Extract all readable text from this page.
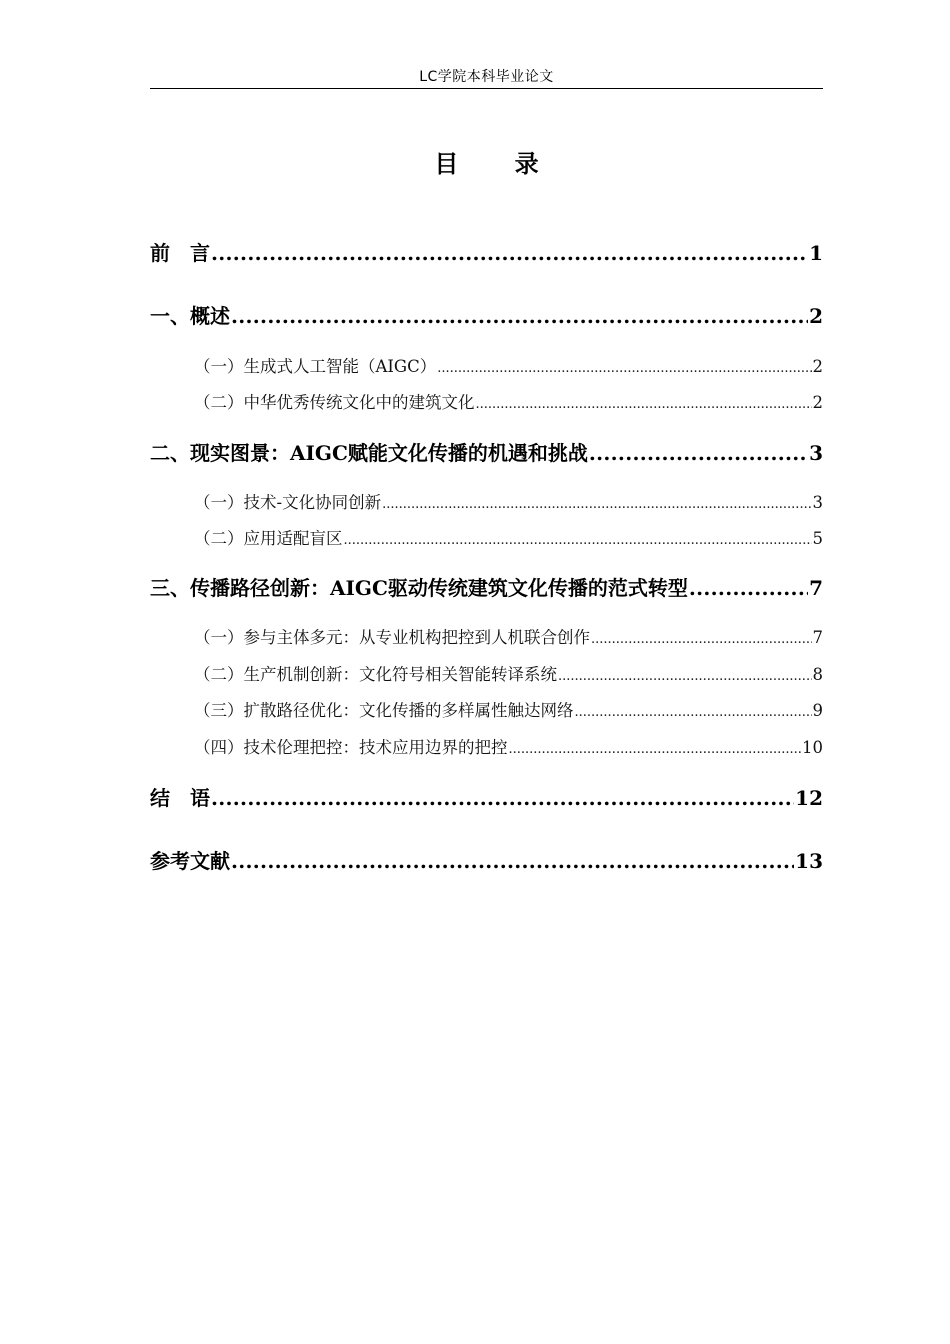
LC学院本科毕业论文
目 录
前　言 .....	1
一、概述 .....	2
（一）生成式人工智能（AIGC） .....	2
（二）中华优秀传统文化中的建筑文化 .....	2
二、现实图景：AIGC赋能文化传播的机遇和挑战 .....	3
（一）技术-文化协同创新 .....	3
（二）应用适配盲区 .....	5
三、传播路径创新：AIGC驱动传统建筑文化传播的范式转型 .....	7
（一）参与主体多元：从专业机构把控到人机联合创作 .....	7
（二）生产机制创新：文化符号相关智能转译系统 .....	8
（三）扩散路径优化：文化传播的多样属性触达网络 .....	9
（四）技术伦理把控：技术应用边界的把控 .....	10
结　语 .....	12
参考文献 .....	13
